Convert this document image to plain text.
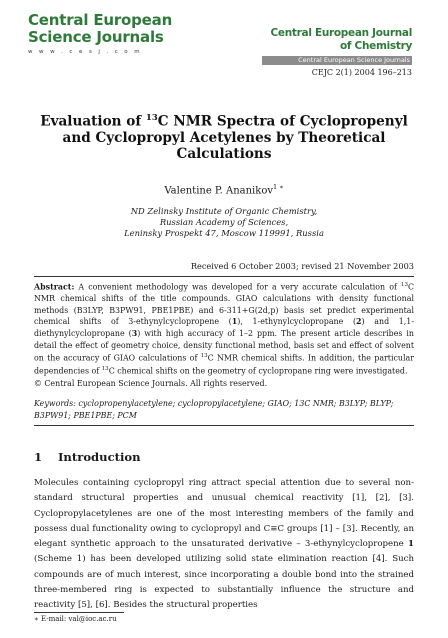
Central European
Science Journals
w w w . c e s j . c o m
Central European Journal
of Chemistry
Central European Science Journals
CEJC 2(1) 2004 196–213
Evaluation of $^{13}$C NMR Spectra of Cyclopropenyl
and Cyclopropyl Acetylenes by Theoretical
Calculations
Valentine P. Ananikov$^{1 ∗}$
ND Zelinsky Institute of Organic Chemistry,
Russian Academy of Sciences,
Leninsky Prospekt 47, Moscow 119991, Russia
Received 6 October 2003; revised 21 November 2003
Abstract: A convenient methodology was developed for a very accurate calculation of $^{13}$C NMR chemical shifts of the title compounds. GIAO calculations with density functional methods (B3LYP, B3PW91, PBE1PBE) and 6-311+G(2d,p) basis set predict experimental chemical shifts of 3-ethynylcyclopropene (1), 1-ethynylcyclopropane (2) and 1,1-diethynylcyclopropane (3) with high accuracy of 1–2 ppm. The present article describes in detail the effect of geometry choice, density functional method, basis set and effect of solvent on the accuracy of GIAO calculations of $^{13}$C NMR chemical shifts. In addition, the particular dependencies of $^{13}$C chemical shifts on the geometry of cyclopropane ring were investigated.
© Central European Science Journals. All rights reserved.
Keywords: cyclopropenylacetylene; cyclopropylacetylene; GIAO; 13C NMR; B3LYP; BLYP; B3PW91; PBE1PBE; PCM
1 Introduction
Molecules containing cyclopropyl ring attract special attention due to several non-standard structural properties and unusual chemical reactivity [1], [2], [3]. Cyclopropylacetylenes are one of the most interesting members of the family and possess dual functionality owing to cyclopropyl and C≡C groups [1] – [3]. Recently, an elegant synthetic approach to the unsaturated derivative – 3-ethynylcyclopropene 1 (Scheme 1) has been developed utilizing solid state elimination reaction [4]. Such compounds are of much interest, since incorporating a double bond into the strained three-membered ring is expected to substantially influence the structure and reactivity [5], [6]. Besides the structural properties
∗ E-mail: val@ioc.ac.ru
